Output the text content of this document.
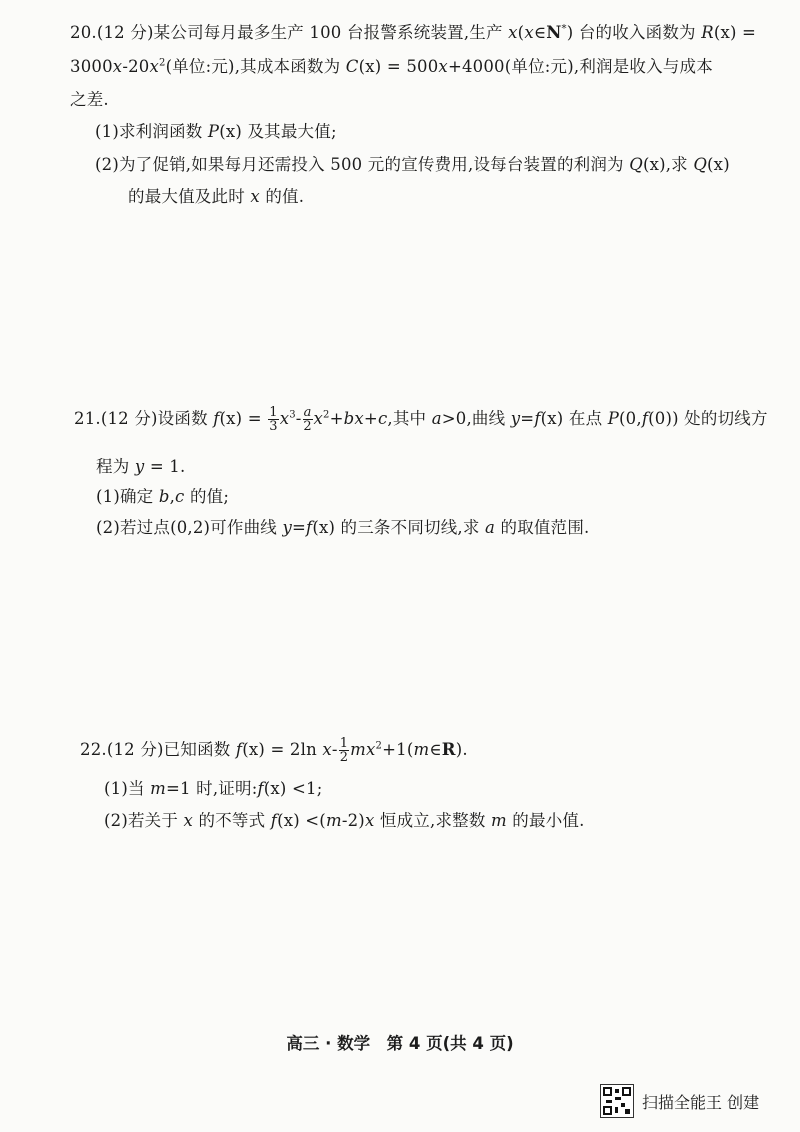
20.(12 分)某公司每月最多生产 100 台报警系统装置,生产 x(x∈N*) 台的收入函数为 R(x) =
$3000x-20x^2$(单位:元),其成本函数为 C(x) = 500x+4000(单位:元),利润是收入与成本
之差.
(1)求利润函数 P(x) 及其最大值;
(2)为了促销,如果每月还需投入 500 元的宣传费用,设每台装置的利润为 Q(x),求 Q(x)
的最大值及此时 x 的值.
21.(12 分)设函数 $f(x) = \frac{1}{3} x^3- \frac{a}{2} x^2+bx+c$,其中 a>0,曲线 y=f(x) 在点 P(0,f(0)) 处的切线方
程为 y = 1.
(1)确定 b,c 的值;
(2)若过点(0,2)可作曲线 y=f(x) 的三条不同切线,求 a 的取值范围.
22.(12 分)已知函数 f(x) = 2ln $x- \frac{1}{2}$ $mx^2+1(m\in R)$.
(1)当 m=1 时,证明:f(x) <1;
(2)若关于 x 的不等式 f(x) <(m-2)x 恒成立,求整数 m 的最小值.
高三 · 数学　第 4 页(共 4 页)
扫描全能王 创建
